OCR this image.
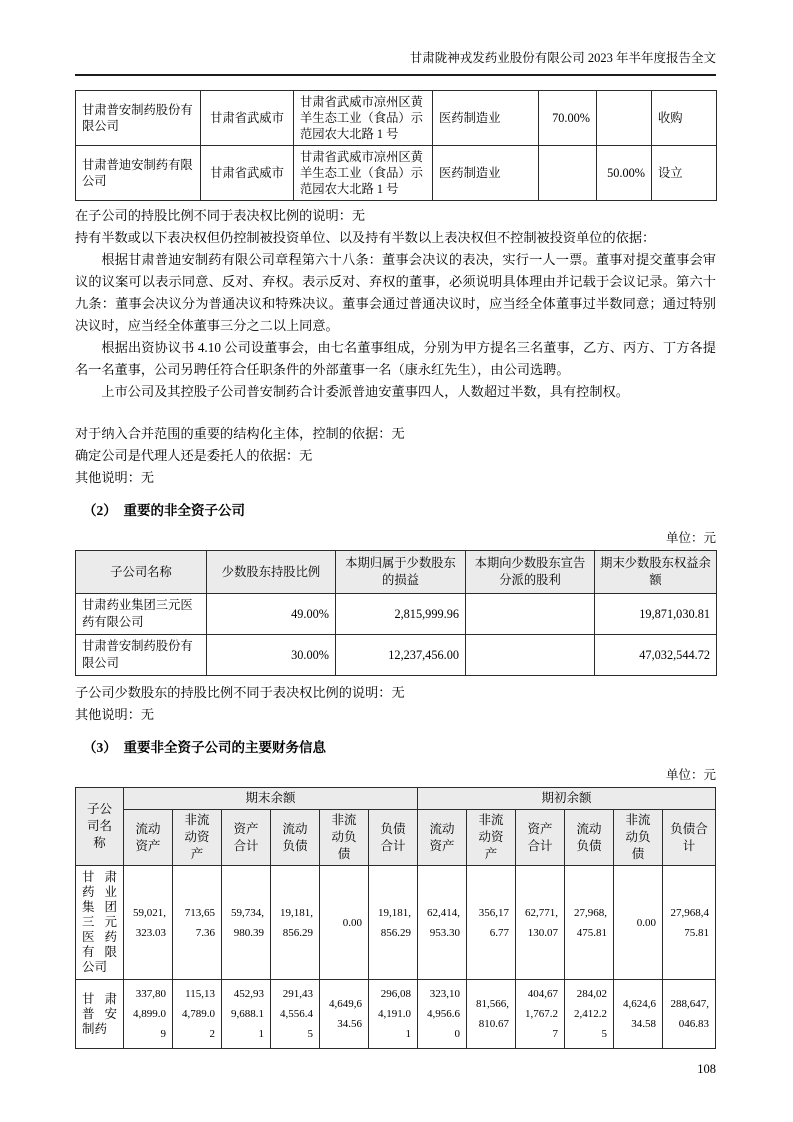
甘肃陇神戎发药业股份有限公司 2023 年半年度报告全文
甘肃普安制药股份有限公司	甘肃省武威市	甘肃省武威市凉州区黄羊生态工业（食品）示范园农大北路 1 号	医药制造业	70.00%		收购
甘肃普迪安制药有限公司	甘肃省武威市	甘肃省武威市凉州区黄羊生态工业（食品）示范园农大北路 1 号	医药制造业		50.00%	设立

在子公司的持股比例不同于表决权比例的说明：无

持有半数或以下表决权但仍控制被投资单位、以及持有半数以上表决权但不控制被投资单位的依据：

根据甘肃普迪安制药有限公司章程第六十八条：董事会决议的表决，实行一人一票。董事对提交董事会审议的议案可以表示同意、反对、弃权。表示反对、弃权的董事，必须说明具体理由并记载于会议记录。第六十九条：董事会决议分为普通决议和特殊决议。董事会通过普通决议时，应当经全体董事过半数同意；通过特别决议时，应当经全体董事三分之二以上同意。

根据出资协议书 4.10 公司设董事会，由七名董事组成，分别为甲方提名三名董事，乙方、丙方、丁方各提名一名董事，公司另聘任符合任职条件的外部董事一名（康永红先生），由公司选聘。

上市公司及其控股子公司普安制药合计委派普迪安董事四人，人数超过半数，具有控制权。

对于纳入合并范围的重要的结构化主体，控制的依据：无

确定公司是代理人还是委托人的依据：无

其他说明：无

（2）　重要的非全资子公司
单位：元
子公司名称	少数股东持股比例	本期归属于少数股东的损益	本期向少数股东宣告分派的股利	期末少数股东权益余额
甘肃药业集团三元医药有限公司	49.00%	2,815,999.96		19,871,030.81
甘肃普安制药股份有限公司	30.00%	12,237,456.00		47,032,544.72

子公司少数股东的持股比例不同于表决权比例的说明：无

其他说明：无

（3）　重要非全资子公司的主要财务信息
单位：元
子公司名称	期末余额						期初余额					
	流动资产	非流动资产	资产合计	流动负债	非流动负债	负债合计	流动资产	非流动资产	资产合计	流动负债	非流动负债	负债合计
甘肃药业集团三元医药有限公司	59,021,323.03	713,657.36	59,734,980.39	19,181,856.29	0.00	19,181,856.29	62,414,953.30	356,176.77	62,771,130.07	27,968,475.81	0.00	27,968,475.81
甘肃普安制药	337,804,899.09	115,134,789.02	452,939,688.11	291,434,556.45	4,649,634.56	296,084,191.01	323,104,956.60	81,566,810.67	404,671,767.27	284,022,412.25	4,624,634.58	288,647,046.83
108
